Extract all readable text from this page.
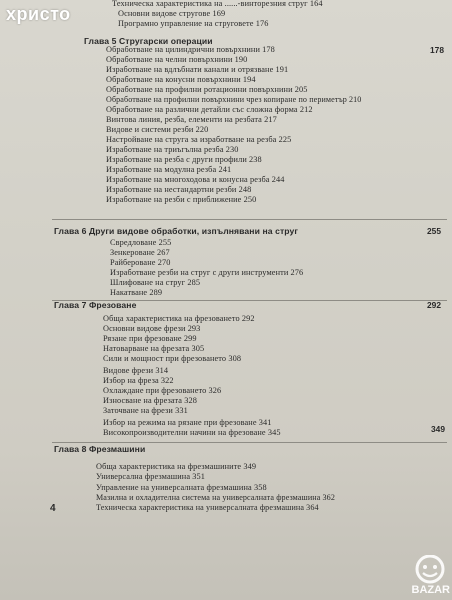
Техническа характеристика на ......-винторезния струг 164
Основни видове стругове 169
Програмно управление на струговете 176
Глава 5 Стругарски операции
178
Обработване на цилиндрични повърхнини 178
Обработване на челни повърхнини 190
Изработване на вдлъбнати канали и отрязване 191
Обработване на конусни повърхнини 194
Обработване на профилни ротационни повърхнини 205
Обработване на профилни повърхнини чрез копиране по периметър 210
Обработване на различни детайли със сложна форма 212
Винтова линия, резба, елементи на резбата 217
Видове и системи резби 220
Настройване на струга за изработване на резба 225
Изработване на триъгълна резба 230
Изработване на резба с други профили 238
Изработване на модулна резба 241
Изработване на многоходова и конусна резба 244
Изработване на нестандартни резби 248
Изработване на резби с приближение 250
Глава 6 Други видове обработки, изпълнявани на струг	255
Свредловане 255
Зенкероване 267
Райбероване 270
Изработване резби на струг с други инструменти 276
Шлифоване на струг 285
Накатване 289
Глава 7 Фрезоване	292
Обща характеристика на фрезоването 292
Основни видове фрези 293
Рязане при фрезоване 299
Натоварване на фрезата 305
Сили и мощност при фрезоването 308
Видове фрези 314
Избор на фреза 322
Охлаждане при фрезоването 326
Износване на фрезата 328
Заточване на фрези 331
Избор на режима на рязане при фрезоване 341
Високопроизводителни начини на фрезоване 345
Глава 8 Фрезмашини
349
Обща характеристика на фрезмашините 349
Универсална фрезмашина 351
Управление на универсалната фрезмашина 358
Мазилна и охладителна система на универсалната фрезмашина 362
Техническа характеристика на универсалната фрезмашина 364
4
христо
BAZAR
